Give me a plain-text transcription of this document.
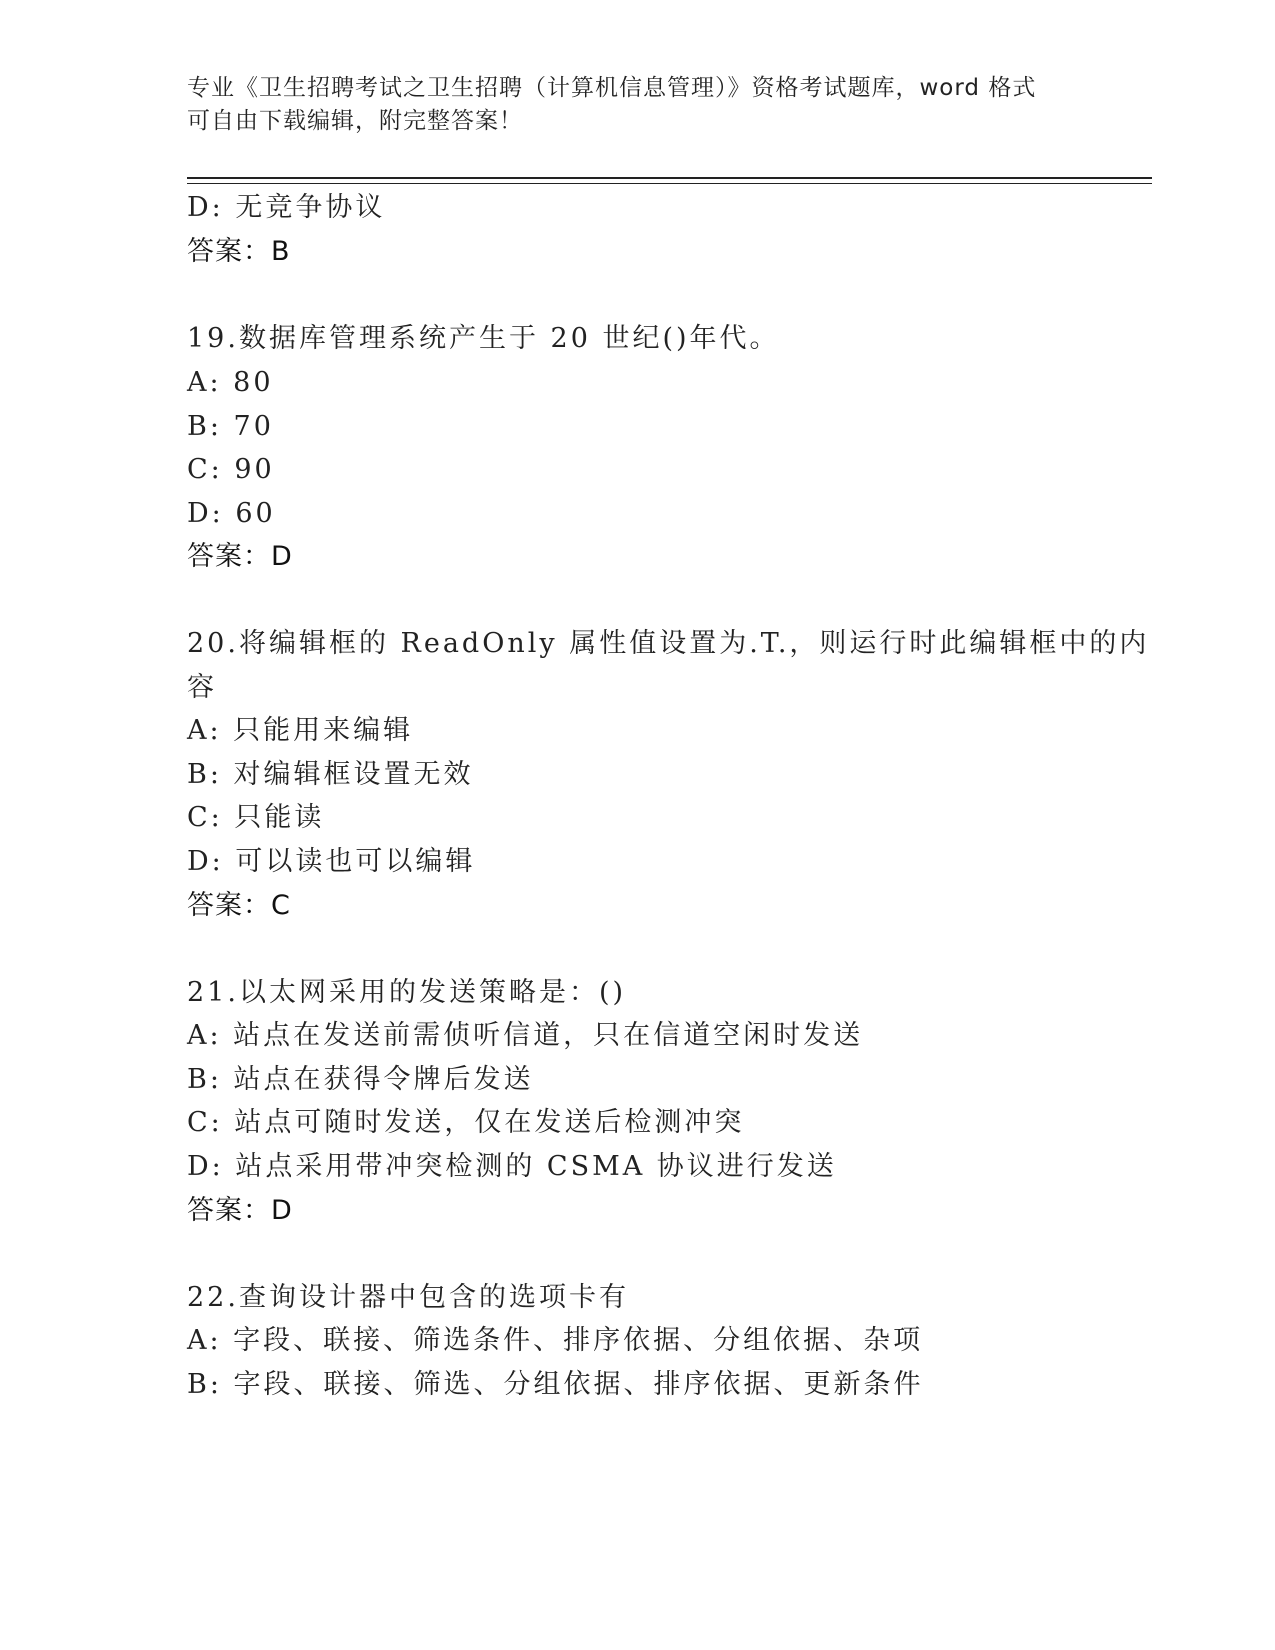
专业《卫生招聘考试之卫生招聘（计算机信息管理）》资格考试题库，word 格式
可自由下载编辑，附完整答案！
D: 无竞争协议
答案：B
19.数据库管理系统产生于 20 世纪()年代。
A: 80
B: 70
C: 90
D: 60
答案：D
20.将编辑框的 ReadOnly 属性值设置为.T.，则运行时此编辑框中的内
容
A: 只能用来编辑
B: 对编辑框设置无效
C: 只能读
D: 可以读也可以编辑
答案：C
21.以太网采用的发送策略是：()
A: 站点在发送前需侦听信道，只在信道空闲时发送
B: 站点在获得令牌后发送
C: 站点可随时发送，仅在发送后检测冲突
D: 站点采用带冲突检测的 CSMA 协议进行发送
答案：D
22.查询设计器中包含的选项卡有
A: 字段、联接、筛选条件、排序依据、分组依据、杂项
B: 字段、联接、筛选、分组依据、排序依据、更新条件
